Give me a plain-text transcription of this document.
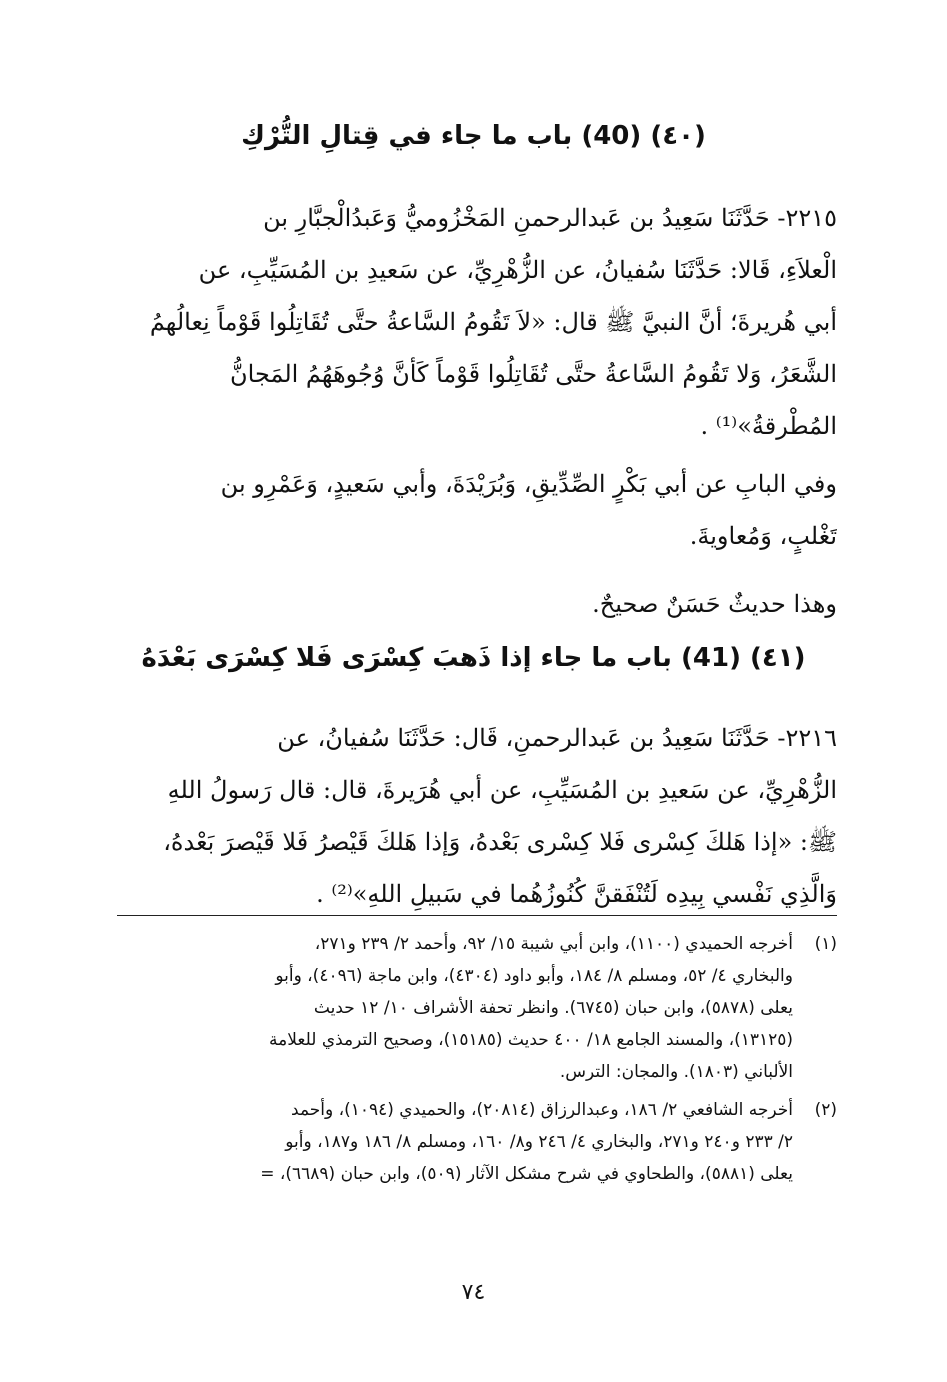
(٤٠) (40) باب ما جاء في قِتالِ التُّرْكِ
٢٢١٥- حَدَّثَنَا سَعِيدُ بن عَبدالرحمنِ المَخْزُوميُّ وَعَبدُالْجبَّارِ بن
الْعلاَءِ، قَالا: حَدَّثَنَا سُفيانُ، عن الزُّهْرِيِّ، عن سَعيدِ بن المُسَيِّبِ، عن
أبي هُريرةَ؛ أنَّ النبيَّ ﷺ قال: «لاَ تَقُومُ السَّاعةُ حتَّى تُقَاتِلُوا قَوْماً نِعالُهمُ
الشَّعَرُ، وَلا تَقُومُ السَّاعةُ حتَّى تُقَاتِلُوا قَوْماً كَأنَّ وُجُوهَهُمُ المَجانُّ
المُطْرقةُ»⁽¹⁾ .
وفي البابِ عن أبي بَكْرٍ الصِّدِّيقِ، وَبُرَيْدَةَ، وأبي سَعيدٍ، وَعَمْرِو بن
تَغْلبٍ، وَمُعاويةَ.
وهذا حديثٌ حَسَنٌ صحيحٌ.
(٤١) (41) باب ما جاء إذا ذَهبَ كِسْرَى فَلا كِسْرَى بَعْدَهُ
٢٢١٦- حَدَّثَنَا سَعِيدُ بن عَبدالرحمنِ، قَال: حَدَّثَنَا سُفيانُ، عن
الزُّهْرِيِّ، عن سَعيدِ بن المُسَيِّبِ، عن أبي هُرَيرةَ، قال: قال رَسولُ اللهِ
ﷺ: «إذا هَلكَ كِسْرى فَلا كِسْرى بَعْدهُ، وَإذا هَلكَ قَيْصرُ فَلا قَيْصرَ بَعْدهُ،
وَالَّذِي نَفْسي بِيدِه لَتُنْفَقنَّ كُنُوزُهُما في سَبيلِ اللهِ»⁽²⁾ .
(١)
أخرجه الحميدي (١١٠٠)، وابن أبي شيبة ١٥/ ٩٢، وأحمد ٢/ ٢٣٩ و٢٧١،
والبخاري ٤/ ٥٢، ومسلم ٨/ ١٨٤، وأبو داود (٤٣٠٤)، وابن ماجة (٤٠٩٦)، وأبو
يعلى (٥٨٧٨)، وابن حبان (٦٧٤٥). وانظر تحفة الأشراف ١٠/ ١٢ حديث
(١٣١٢٥)، والمسند الجامع ١٨/ ٤٠٠ حديث (١٥١٨٥)، وصحيح الترمذي للعلامة
الألباني (١٨٠٣). والمجان: الترس.
(٢)
أخرجه الشافعي ٢/ ١٨٦، وعبدالرزاق (٢٠٨١٤)، والحميدي (١٠٩٤)، وأحمد
٢/ ٢٣٣ و٢٤٠ و٢٧١، والبخاري ٤/ ٢٤٦ و٨/ ١٦٠، ومسلم ٨/ ١٨٦ و١٨٧، وأبو
يعلى (٥٨٨١)، والطحاوي في شرح مشكل الآثار (٥٠٩)، وابن حبان (٦٦٨٩)، =
٧٤
